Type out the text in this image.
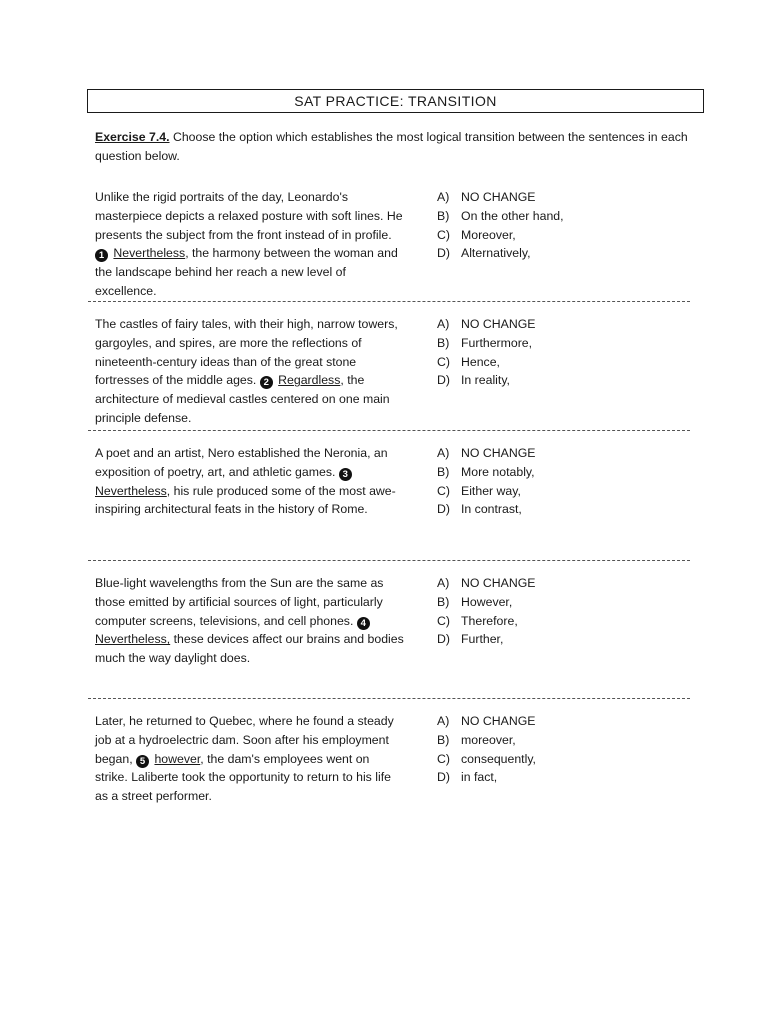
SAT PRACTICE: TRANSITION
Exercise 7.4. Choose the option which establishes the most logical transition between the sentences in each question below.
Unlike the rigid portraits of the day, Leonardo's masterpiece depicts a relaxed posture with soft lines. He presents the subject from the front instead of in profile. 1 Nevertheless, the harmony between the woman and the landscape behind her reach a new level of excellence.
A) NO CHANGE
B) On the other hand,
C) Moreover,
D) Alternatively,
The castles of fairy tales, with their high, narrow towers, gargoyles, and spires, are more the reflections of nineteenth-century ideas than of the great stone fortresses of the middle ages. 2 Regardless, the architecture of medieval castles centered on one main principle defense.
A) NO CHANGE
B) Furthermore,
C) Hence,
D) In reality,
A poet and an artist, Nero established the Neronia, an exposition of poetry, art, and athletic games. 3 Nevertheless, his rule produced some of the most awe-inspiring architectural feats in the history of Rome.
A) NO CHANGE
B) More notably,
C) Either way,
D) In contrast,
Blue-light wavelengths from the Sun are the same as those emitted by artificial sources of light, particularly computer screens, televisions, and cell phones. 4 Nevertheless, these devices affect our brains and bodies much the way daylight does.
A) NO CHANGE
B) However,
C) Therefore,
D) Further,
Later, he returned to Quebec, where he found a steady job at a hydroelectric dam. Soon after his employment began, 5 however, the dam's employees went on strike. Laliberte took the opportunity to return to his life as a street performer.
A) NO CHANGE
B) moreover,
C) consequently,
D) in fact,
